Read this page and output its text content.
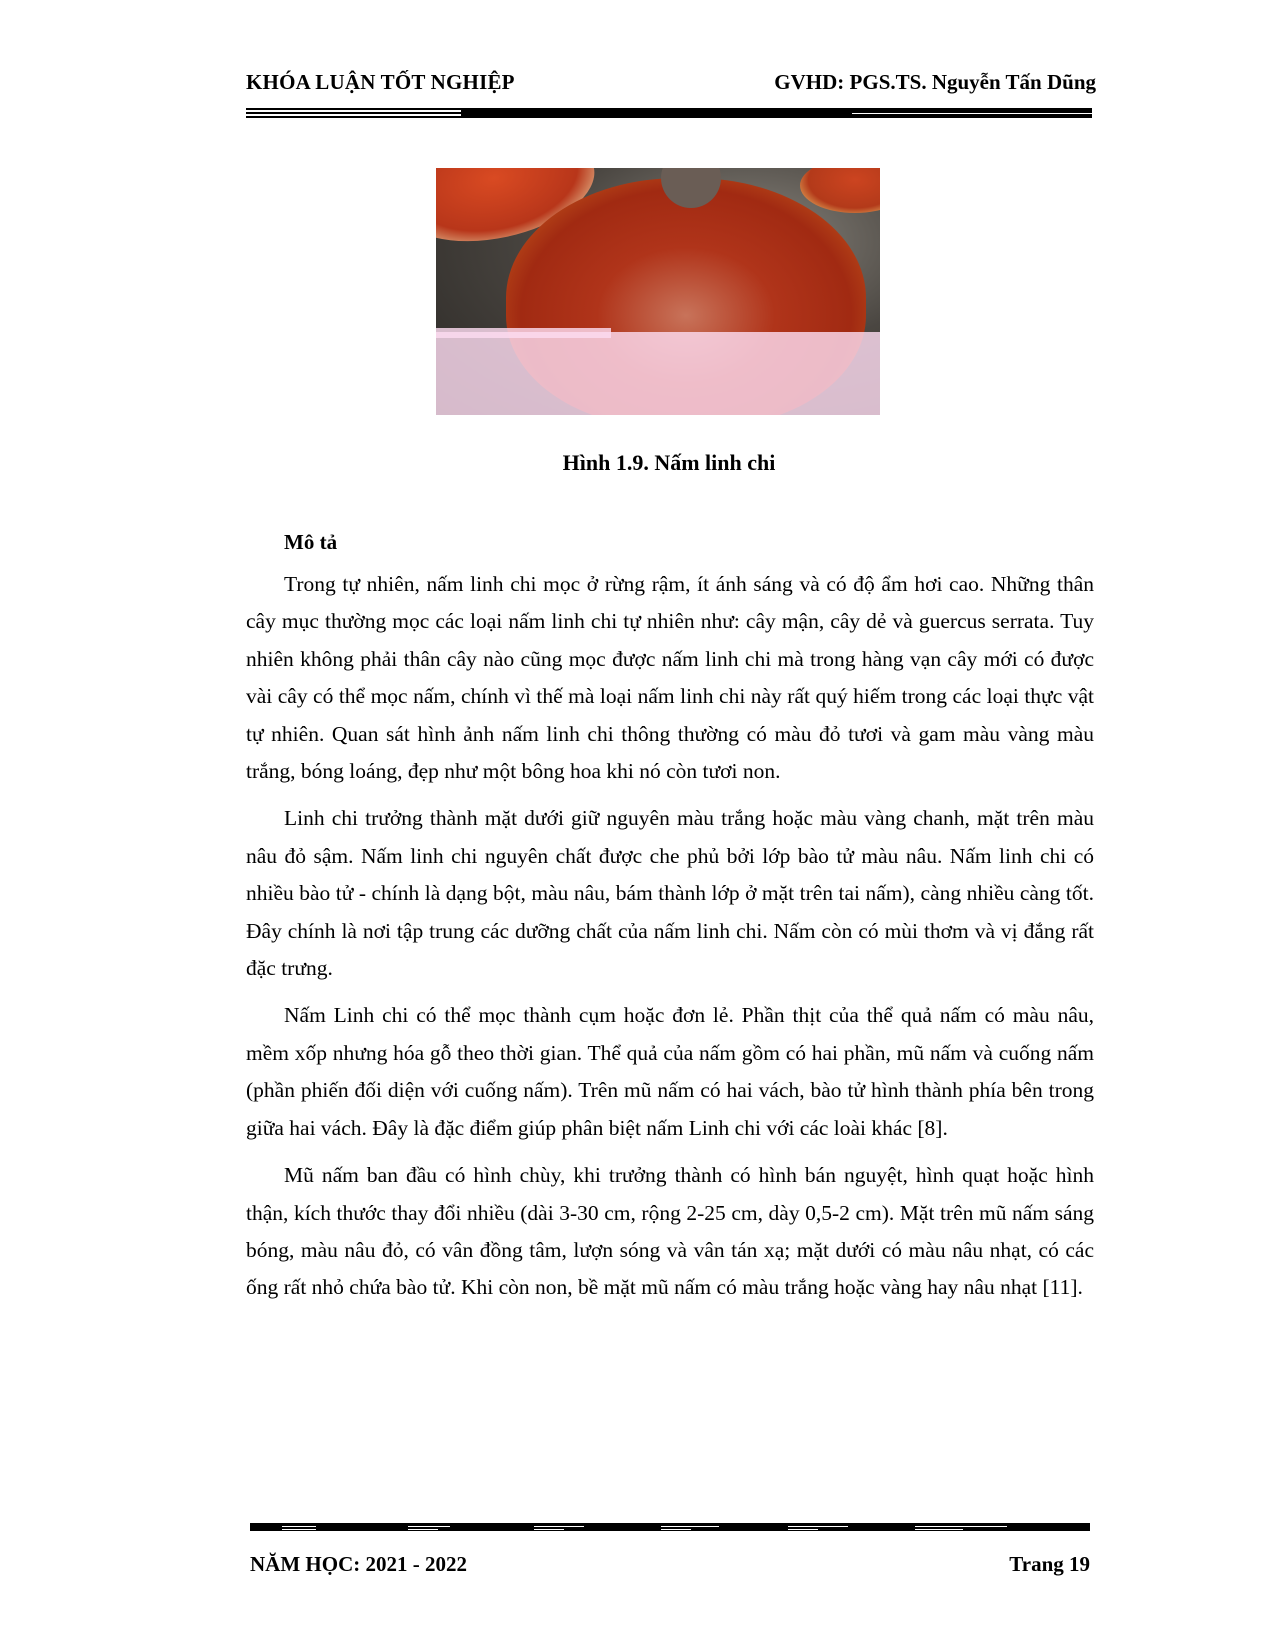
KHÓA LUẬN TỐT NGHIỆP	GVHD: PGS.TS. Nguyễn Tấn Dũng
Hình 1.9. Nấm linh chi
Mô tả

Trong tự nhiên, nấm linh chi mọc ở rừng rậm, ít ánh sáng và có độ ẩm hơi cao. Những thân cây mục thường mọc các loại nấm linh chi tự nhiên như: cây mận, cây dẻ và guercus serrata. Tuy nhiên không phải thân cây nào cũng mọc được nấm linh chi mà trong hàng vạn cây mới có được vài cây có thể mọc nấm, chính vì thế mà loại nấm linh chi này rất quý hiếm trong các loại thực vật tự nhiên. Quan sát hình ảnh nấm linh chi thông thường có màu đỏ tươi và gam màu vàng màu trắng, bóng loáng, đẹp như một bông hoa khi nó còn tươi non.

Linh chi trưởng thành mặt dưới giữ nguyên màu trắng hoặc màu vàng chanh, mặt trên màu nâu đỏ sậm. Nấm linh chi nguyên chất được che phủ bởi lớp bào tử màu nâu. Nấm linh chi có nhiều bào tử - chính là dạng bột, màu nâu, bám thành lớp ở mặt trên tai nấm), càng nhiều càng tốt. Đây chính là nơi tập trung các dưỡng chất của nấm linh chi. Nấm còn có mùi thơm và vị đắng rất đặc trưng.

Nấm Linh chi có thể mọc thành cụm hoặc đơn lẻ. Phần thịt của thể quả nấm có màu nâu, mềm xốp nhưng hóa gỗ theo thời gian. Thể quả của nấm gồm có hai phần, mũ nấm và cuống nấm (phần phiến đối diện với cuống nấm). Trên mũ nấm có hai vách, bào tử hình thành phía bên trong giữa hai vách. Đây là đặc điểm giúp phân biệt nấm Linh chi với các loài khác [8].

Mũ nấm ban đầu có hình chùy, khi trưởng thành có hình bán nguyệt, hình quạt hoặc hình thận, kích thước thay đổi nhiều (dài 3-30 cm, rộng 2-25 cm, dày 0,5-2 cm). Mặt trên mũ nấm sáng bóng, màu nâu đỏ, có vân đồng tâm, lượn sóng và vân tán xạ; mặt dưới có màu nâu nhạt, có các ống rất nhỏ chứa bào tử. Khi còn non, bề mặt mũ nấm có màu trắng hoặc vàng hay nâu nhạt [11].

NĂM HỌC: 2021 - 2022	Trang 19
